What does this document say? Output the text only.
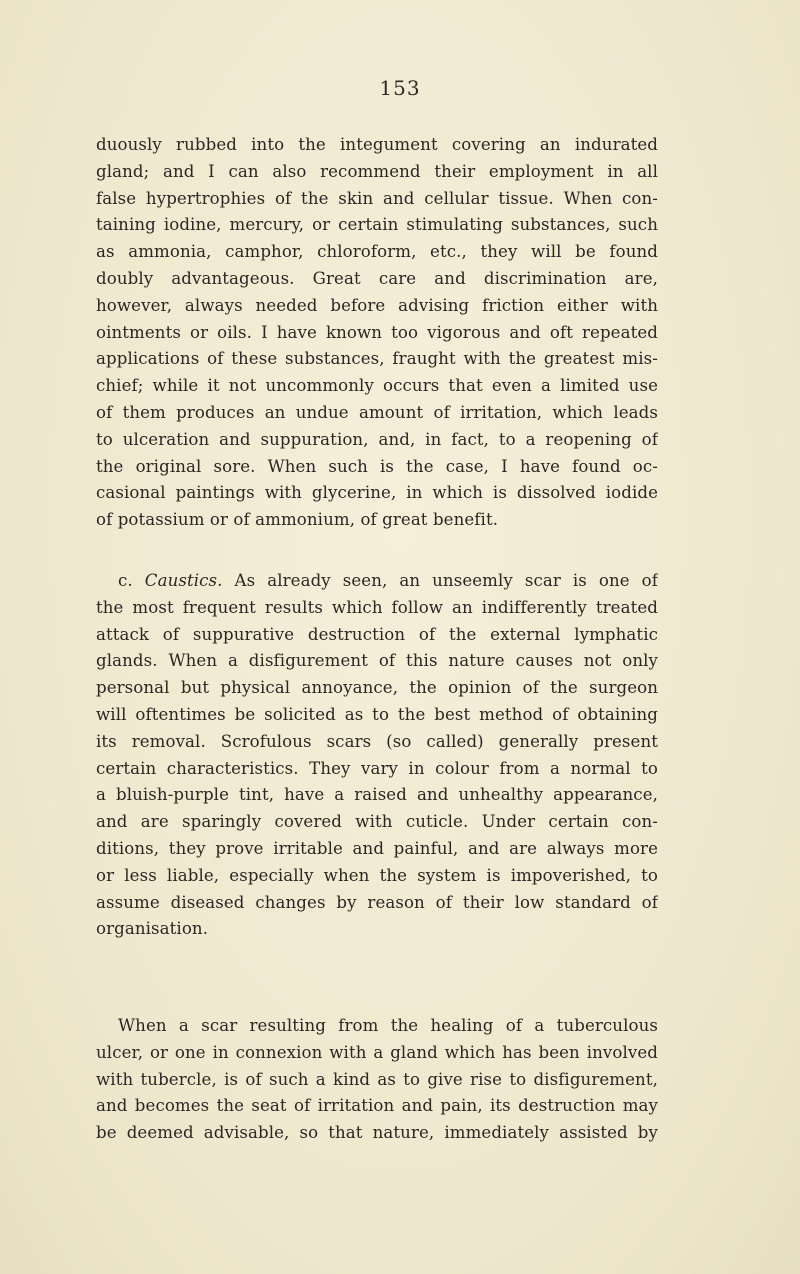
153
duously rubbed into the integument covering an indurated
gland; and I can also recommend their employment in all
false hypertrophies of the skin and cellular tissue. When con-
taining iodine, mercury, or certain stimulating substances, such
as ammonia, camphor, chloroform, etc., they will be found
doubly advantageous. Great care and discrimination are,
however, always needed before advising friction either with
ointments or oils. I have known too vigorous and oft repeated
applications of these substances, fraught with the greatest mis-
chief; while it not uncommonly occurs that even a limited use
of them produces an undue amount of irritation, which leads
to ulceration and suppuration, and, in fact, to a reopening of
the original sore. When such is the case, I have found oc-
casional paintings with glycerine, in which is dissolved iodide
of potassium or of ammonium, of great benefit.
c. Caustics. As already seen, an unseemly scar is one of
the most frequent results which follow an indifferently treated
attack of suppurative destruction of the external lymphatic
glands. When a disfigurement of this nature causes not only
personal but physical annoyance, the opinion of the surgeon
will oftentimes be solicited as to the best method of obtaining
its removal. Scrofulous scars (so called) generally present
certain characteristics. They vary in colour from a normal to
a bluish-purple tint, have a raised and unhealthy appearance,
and are sparingly covered with cuticle. Under certain con-
ditions, they prove irritable and painful, and are always more
or less liable, especially when the system is impoverished, to
assume diseased changes by reason of their low standard of
organisation.
When a scar resulting from the healing of a tuberculous
ulcer, or one in connexion with a gland which has been involved
with tubercle, is of such a kind as to give rise to disfigurement,
and becomes the seat of irritation and pain, its destruction may
be deemed advisable, so that nature, immediately assisted by
